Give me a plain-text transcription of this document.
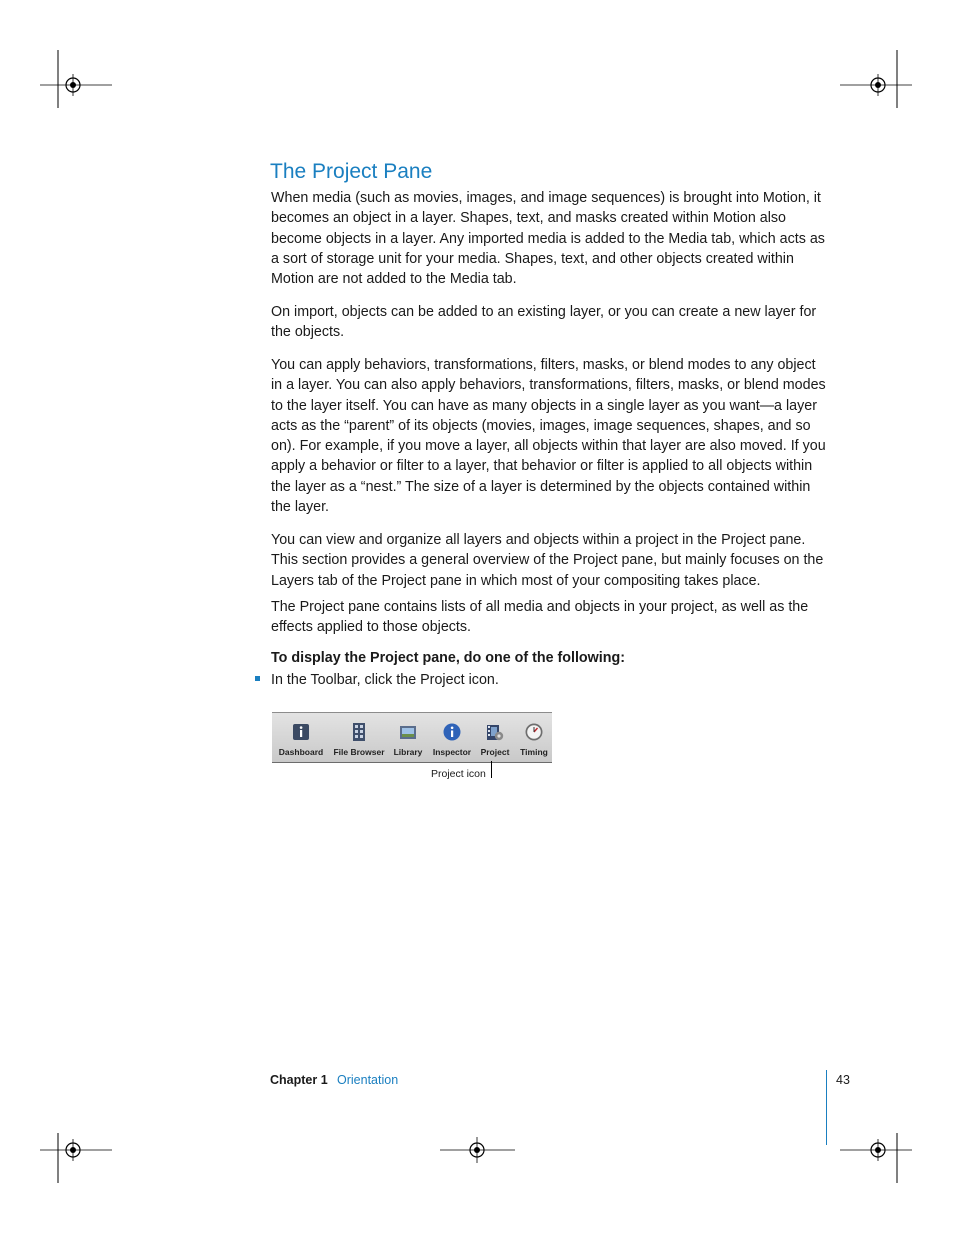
The Project Pane

When media (such as movies, images, and image sequences) is brought into Motion, it becomes an object in a layer. Shapes, text, and masks created within Motion also become objects in a layer. Any imported media is added to the Media tab, which acts as a sort of storage unit for your media. Shapes, text, and other objects created within Motion are not added to the Media tab.

On import, objects can be added to an existing layer, or you can create a new layer for the objects.

You can apply behaviors, transformations, filters, masks, or blend modes to any object in a layer. You can also apply behaviors, transformations, filters, masks, or blend modes to the layer itself. You can have as many objects in a single layer as you want—a layer acts as the “parent” of its objects (movies, images, image sequences, shapes, and so on). For example, if you move a layer, all objects within that layer are also moved. If you apply a behavior or filter to a layer, that behavior or filter is applied to all objects within the layer as a “nest.” The size of a layer is determined by the objects contained within the layer.

You can view and organize all layers and objects within a project in the Project pane. This section provides a general overview of the Project pane, but mainly focuses on the Layers tab of the Project pane in which most of your compositing takes place.

The Project pane contains lists of all media and objects in your project, as well as the effects applied to those objects.

To display the Project pane, do one of the following:

In the Toolbar, click the Project icon.
Dashboard	File Browser	Library	Inspector	Project	Timing
Project icon
Chapter 1 Orientation	43
